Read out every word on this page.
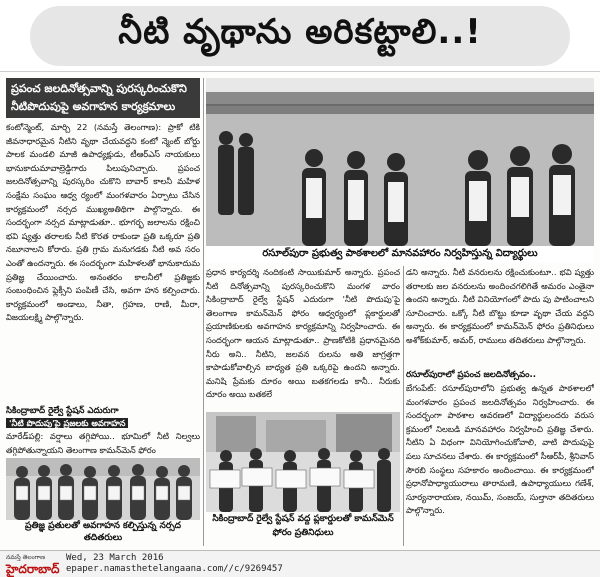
నీటి వృథాను అరికట్టాలి..!
ప్రపంచ జలదినోత్సవాన్ని పురస్కరించుకొని నీటిపొదుపుపై అవగాహన కార్యక్రమాలు
కంటోన్మెంట్, మార్చి 22 (నమస్తే తెలంగాణ): ప్రాకో టికి జీవనాధారమైన నీటిని వృథా చేయవద్దని కంటో న్మెంట్ బోర్డు పాలక మండలి మాజీ ఉపాధ్యక్షుడు, టీఆర్ఎస్ నాయకులు భానుకాదుమావాల్రెడ్డిగారు పిలుపునిచ్చారు. ప్రపంచ జలదినోత్సవాన్ని పురస్కరిం చుకొని బావార్ కాలనీ మహిళ సంక్షేమ సంఘం ఆధ్వ ర్యంలో మంగళవారం ఏర్పాటు చేసిన కార్యక్రమంలో నర్సద ముఖ్యఅతిథిగా పాల్గొన్నారు. ఈ సందర్భంగా నర్సద మాట్లాడుతూ.. భూగర్భ జలాలను రక్షించి భవి ష్యత్తు తరాలకు నీటి కొరత రాకుండా ప్రతి ఒక్కరూ ప్రతి నబూనాలని కోరారు. ప్రతి గ్రామ మనుగడకు నీటి అవ సరం ఎంతో ఉందన్నారు. ఈ సందర్భంగా మహిళలతో భానుకాదుమ ప్రతిజ్ఞ చేయించారు. అనంతరం కాలనీలో ప్రతిజ్ఞకు సంబంధించిన ఫ్లెక్సీని పంపిణీ చేసి, అవగా హన కల్పించారు. కార్యక్రమంలో అండాలు, నీతా, గ్రహణ, రాణి, మీరా, విజయలక్ష్మి పాల్గొన్నారు.
సికింద్రాబాద్ రైల్వే స్టేషన్ ఎదురుగా
'నీటి పొదుపు'పై ప్రజలకు అవగాహన
మారేడ్‌పల్లి: వర్షాలు తగ్గిపోయి.. భూమిలో నీటి నిల్వలు తగ్గిపోతున్నాయని తెలంగాణ కామన్‌మెన్ ఫోరం
ప్రతిజ్ఞ ప్రతులతో అవగాహన కల్పిస్తున్న నర్సద తదితరులు
రసూల్‌పురా ప్రభుత్వ పాఠశాలలో మానవహారం నిర్వహిస్తున్న విద్యార్థులు
ప్రధాన కార్యదర్శి నందికంటి సాయికుమార్ అన్నారు. ప్రపంచ నీటి దినోత్సవాన్ని పురస్కరించుకొని మంగళ వారం సికింద్రాబాద్ రైల్వే స్టేషన్ ఎదురుగా 'నీటి పొదుపు'పై తెలంగాణ కామన్‌మెన్ ఫోరం ఆధ్వర్యంలో ప్లకార్డులతో ప్రయాణికులకు అవగాహన కార్యక్రమాన్ని నిర్వహించారు. ఈ సందర్భంగా ఆయన మాట్లాడుతూ.. ప్రాణకోటికి ప్రధానమైనది నీరు అని.. నీటిని, జలవన రులను అతి జాగ్రత్తగా కాపాడుకోవాల్సిన బాధ్యత ప్రతి ఒక్కరిపై ఉందని అన్నారు. మనిషి ప్రేమకు దూరం అయి బతకగలడు కానీ.. నీరుకు దూరం అయి బతకలే
సికింద్రాబాద్ రైల్వే స్టేషన్ వద్ద ప్లకార్డులతో కామన్‌మెన్ ఫోరం ప్రతినిధులు
డని అన్నారు. నీటి వనరులను రక్షించుకుంటూ.. భవి ష్యత్తు తరాలకు జల వనరులను అందించగలిగితే అమరం ఎంతైనా ఉందని అన్నారు. నీటి వినియోగంలో పొదు పు పాటించాలని సూచించారు. ఒక్కో నీటి బొట్టు కూడా వృథా చేయ వద్దని అన్నారు. ఈ కార్యక్రమంలో కామన్‌మెన్ ఫోరం ప్రతినిధులు అశోక్‌కుమార్, అమర్, రాములు తదితరులు పాల్గొన్నారు.
రసూల్‌పురాలో ప్రపంచ జలదినోత్సవం..
బేగంపేట్: రసూల్‌పురాలోని ప్రభుత్వ ఉన్నత పాఠశాలలో మంగళవారం ప్రపంచ జలదినోత్సవం నిర్వహించారు. ఈ సందర్భంగా పాఠశాల ఆవరణలో విద్యార్థులందరు వరుస క్రమంలో నిలబడి మానవహారం నిర్వహించి ప్రతిజ్ఞ చేశారు. నీటిని ఏ విధంగా వినియోగించుకోవాలి, వాటి పొదుపుపై పలు సూచనలు చేశారు. ఈ కార్యక్రమంలో సీఆర్‌పీ, శ్రీనివాస్ సౌరబి సంస్థలు సహకారం అందించాయి. ఈ కార్యక్రమంలో ప్రధానోపాధ్యాయురాలు తారామణి, ఉపాధ్యాయులు గణేశ్, సూర్యనారాయణ, నయిమ్, సంజయ్, సుల్తానా తదితరులు పాల్గొన్నారు.
నమస్తే తెలంగాణ
హైదరాబాద్
Wed, 23 March 2016
epaper.namasthetelangaana.com//c/9269457
